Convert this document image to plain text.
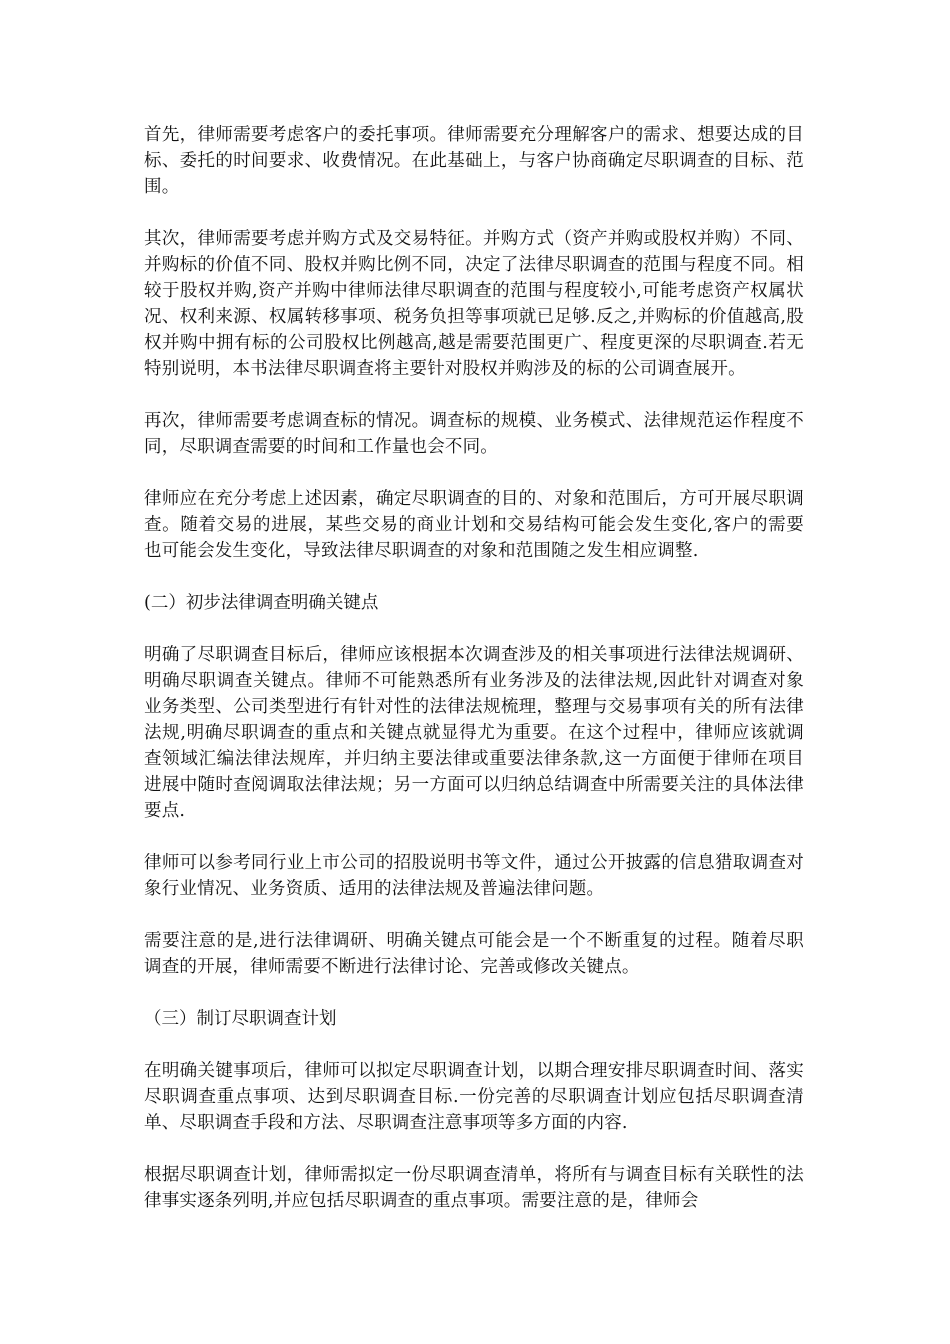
首先，律师需要考虑客户的委托事项。律师需要充分理解客户的需求、想要达成的目标、委托的时间要求、收费情况。在此基础上，与客户协商确定尽职调查的目标、范围。

其次，律师需要考虑并购方式及交易特征。并购方式（资产并购或股权并购）不同、并购标的价值不同、股权并购比例不同，决定了法律尽职调查的范围与程度不同。相较于股权并购,资产并购中律师法律尽职调查的范围与程度较小,可能考虑资产权属状况、权利来源、权属转移事项、税务负担等事项就已足够.反之,并购标的价值越高,股权并购中拥有标的公司股权比例越高,越是需要范围更广、程度更深的尽职调查.若无特别说明，本书法律尽职调查将主要针对股权并购涉及的标的公司调查展开。

再次，律师需要考虑调查标的情况。调查标的规模、业务模式、法律规范运作程度不同，尽职调查需要的时间和工作量也会不同。

律师应在充分考虑上述因素，确定尽职调查的目的、对象和范围后，方可开展尽职调查。随着交易的进展，某些交易的商业计划和交易结构可能会发生变化,客户的需要也可能会发生变化，导致法律尽职调查的对象和范围随之发生相应调整.

(二）初步法律调查明确关键点

明确了尽职调查目标后，律师应该根据本次调查涉及的相关事项进行法律法规调研、明确尽职调查关键点。律师不可能熟悉所有业务涉及的法律法规,因此针对调查对象业务类型、公司类型进行有针对性的法律法规梳理，整理与交易事项有关的所有法律法规,明确尽职调查的重点和关键点就显得尤为重要。在这个过程中，律师应该就调查领域汇编法律法规库，并归纳主要法律或重要法律条款,这一方面便于律师在项目进展中随时查阅调取法律法规；另一方面可以归纳总结调查中所需要关注的具体法律要点.

律师可以参考同行业上市公司的招股说明书等文件，通过公开披露的信息猎取调查对象行业情况、业务资质、适用的法律法规及普遍法律问题。

需要注意的是,进行法律调研、明确关键点可能会是一个不断重复的过程。随着尽职调查的开展，律师需要不断进行法律讨论、完善或修改关键点。

（三）制订尽职调查计划

在明确关键事项后，律师可以拟定尽职调查计划，以期合理安排尽职调查时间、落实尽职调查重点事项、达到尽职调查目标.一份完善的尽职调查计划应包括尽职调查清单、尽职调查手段和方法、尽职调查注意事项等多方面的内容.

根据尽职调查计划，律师需拟定一份尽职调查清单，将所有与调查目标有关联性的法律事实逐条列明,并应包括尽职调查的重点事项。需要注意的是，律师会
